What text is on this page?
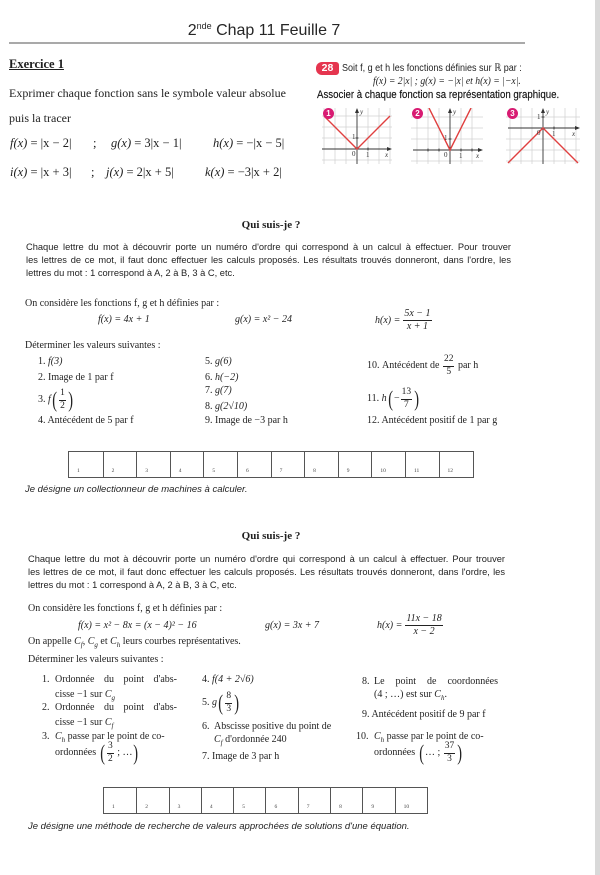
2nde Chap 11 Feuille 7
Exercice 1
Exprimer chaque fonction sans le symbole valeur absolue
puis la tracer
f(x) = |x − 2| ; g(x) = 3|x − 1|	h(x) = −|x − 5|
i(x) = |x + 3| ; j(x) = 2|x + 5|	k(x) = −3|x + 2|
28 Soit f, g et h les fonctions définies sur ℝ par :
f(x) = 2|x| ; g(x) = −|x| et h(x) = |−x|.
Associer à chaque fonction sa représentation graphique.
1	y
x
1
1
0
2	y
x
1
1
0
3	y
x
1
1
0
Qui suis-je ?
Chaque lettre du mot à découvrir porte un numéro d'ordre qui correspond à un calcul à effectuer. Pour trouver
les lettres de ce mot, il faut donc effectuer les calculs proposés. Les résultats trouvés donneront, dans l'ordre, les
lettres du mot : 1 correspond à A, 2 à B, 3 à C, etc.
On considère les fonctions f, g et h définies par :
f(x) = 4x + 1	g(x) = x² − 24	$h(x) = \frac{5x - 1}{x + 1}$
Déterminer les valeurs suivantes :
1. f(3)
2. Image de 1 par f
3.
f ( $\frac{1}{2}$
)
4. Antécédent de 5 par f
5. g(6)
6. h(−2)
7. g(7)
8. g(2√10)
9. Image de −3 par h
10.
Antécédent de
$\frac{22}{5}$
par h
11.
h ( − $\frac{13}{7}$
)
12. Antécédent positif de 1 par g
1	2	3	4	5	6	7	8	9	10	11	12
Je désigne un collectionneur de machines à calculer.
Qui suis-je ?
Chaque lettre du mot à découvrir porte un numéro d'ordre qui correspond à un calcul à effectuer. Pour trouver
les lettres de ce mot, il faut donc effectuer les calculs proposés. Les résultats trouvés donneront, dans l'ordre, les
lettres du mot : 1 correspond à A, 2 à B, 3 à C, etc.
On considère les fonctions f, g et h définies par :
f(x) = x² − 8x = (x − 4)² − 16	g(x) = 3x + 7	$h(x) = \frac{11x - 18}{x - 2}$
On appelle $C_f$, $C_g$ et $C_h$ leurs courbes représentatives.
Déterminer les valeurs suivantes :
1. Ordonnée du point d'abs-
cisse −1 sur $C_g$
2. Ordonnée du point d'abs-
cisse −1 sur $C_f$
3. $C_h$ passe par le point de co-
ordonnées
( $\frac{3}{2}$
; …
)
4. f(4 + 2√6)
5.
g ( $\frac{8}{3}$
)
6. Abscisse positive du point de
$C_f$ d'ordonnée 240
7. Image de 3 par h
8. Le point de coordonnées
(4 ; …) est sur $C_h$.
9. Antécédent positif de 9 par f
10. $C_h$ passe par le point de co-
ordonnées
( … ;
$\frac{37}{3}$
)
1	2	3	4	5	6	7	8	9	10
Je désigne une méthode de recherche de valeurs approchées de solutions d'une équation.
